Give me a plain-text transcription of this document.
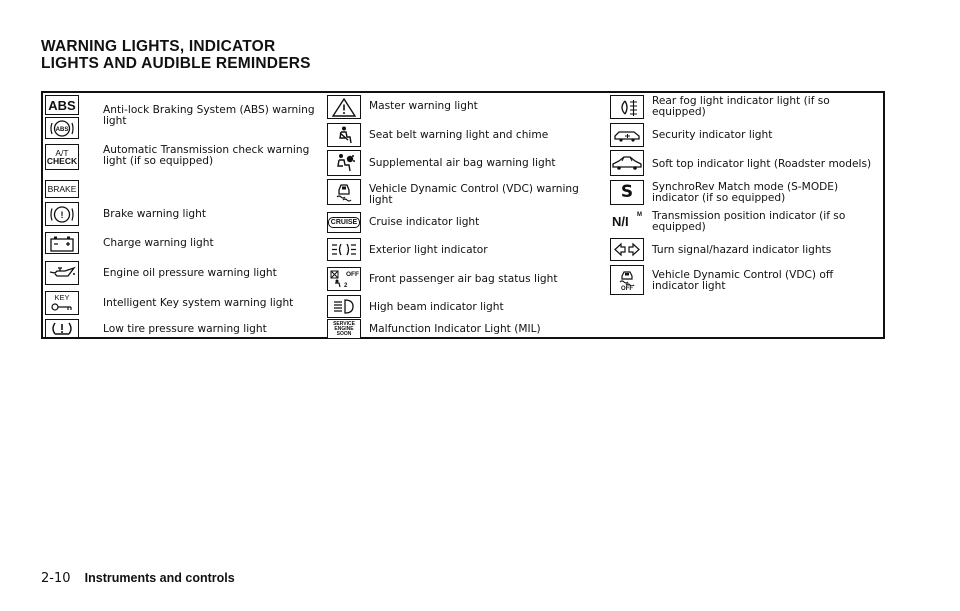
WARNING LIGHTS, INDICATOR
LIGHTS AND AUDIBLE REMINDERS
ABS
ABS
Anti-lock Braking System (ABS) warning light
A/T
CHECK
Automatic Transmission check warning light (if so equipped)
BRAKE
!	Brake warning light
Charge warning light
Engine oil pressure warning light
KEY	Intelligent Key system warning light
Low tire pressure warning light
Master warning light
Seat belt warning light and chime
Supplemental air bag warning light
Vehicle Dynamic Control (VDC) warning light
CRUISE Cruise indicator light
Exterior light indicator
2
OFF Front passenger air bag status light
High beam indicator light
SERVICE
ENGINE
SOON Malfunction Indicator Light (MIL)
Rear fog light indicator light (if so equipped)
Security indicator light
Soft top indicator light (Roadster models)
S SynchroRev Match mode (S-MODE) indicator (if so equipped)
N/I M Transmission position indicator (if so equipped)
Turn signal/hazard indicator lights
OFF
Vehicle Dynamic Control (VDC) off indicator light
2-10 Instruments and controls
